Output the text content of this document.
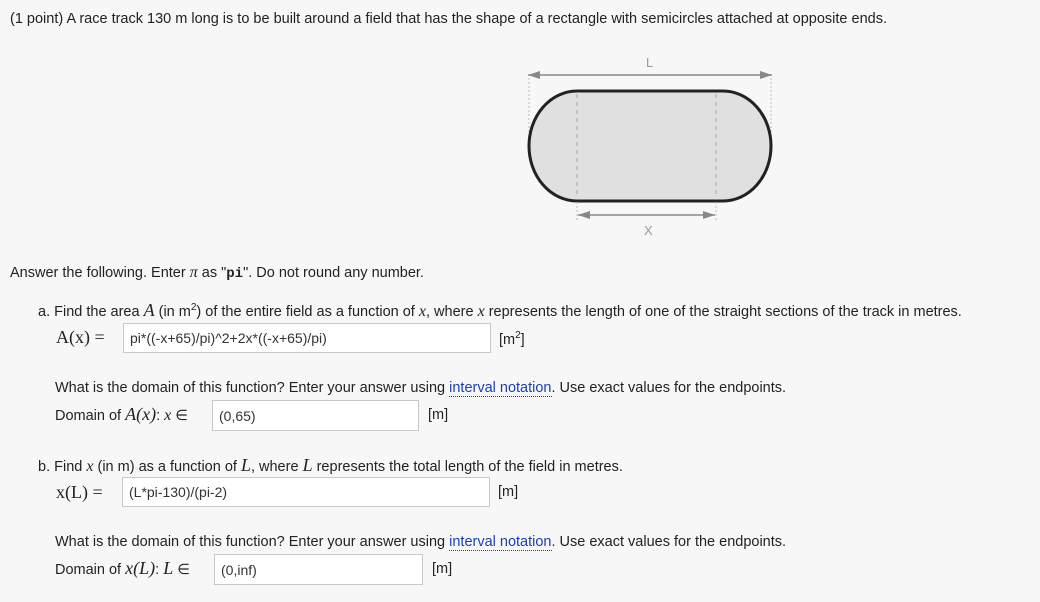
(1 point) A race track 130 m long is to be built around a field that has the shape of a rectangle with semicircles attached at opposite ends.
L
X
Answer the following. Enter π as "pi". Do not round any number.
a. Find the area A (in $m^2$) of the entire field as a function of x, where x represents the length of one of the straight sections of the track in metres.
A(x) =
pi*((-x+65)/pi)^2+2x*((-x+65)/pi)	$[m^2]$
What is the domain of this function? Enter your answer using interval notation. Use exact values for the endpoints.
Domain of A(x): x ∈
(0,65)	[m]
b. Find x (in m) as a function of L, where L represents the total length of the field in metres.
x(L) =
(L*pi-130)/(pi-2)	[m]
What is the domain of this function? Enter your answer using interval notation. Use exact values for the endpoints.
Domain of x(L): L ∈
(0,inf)	[m]
